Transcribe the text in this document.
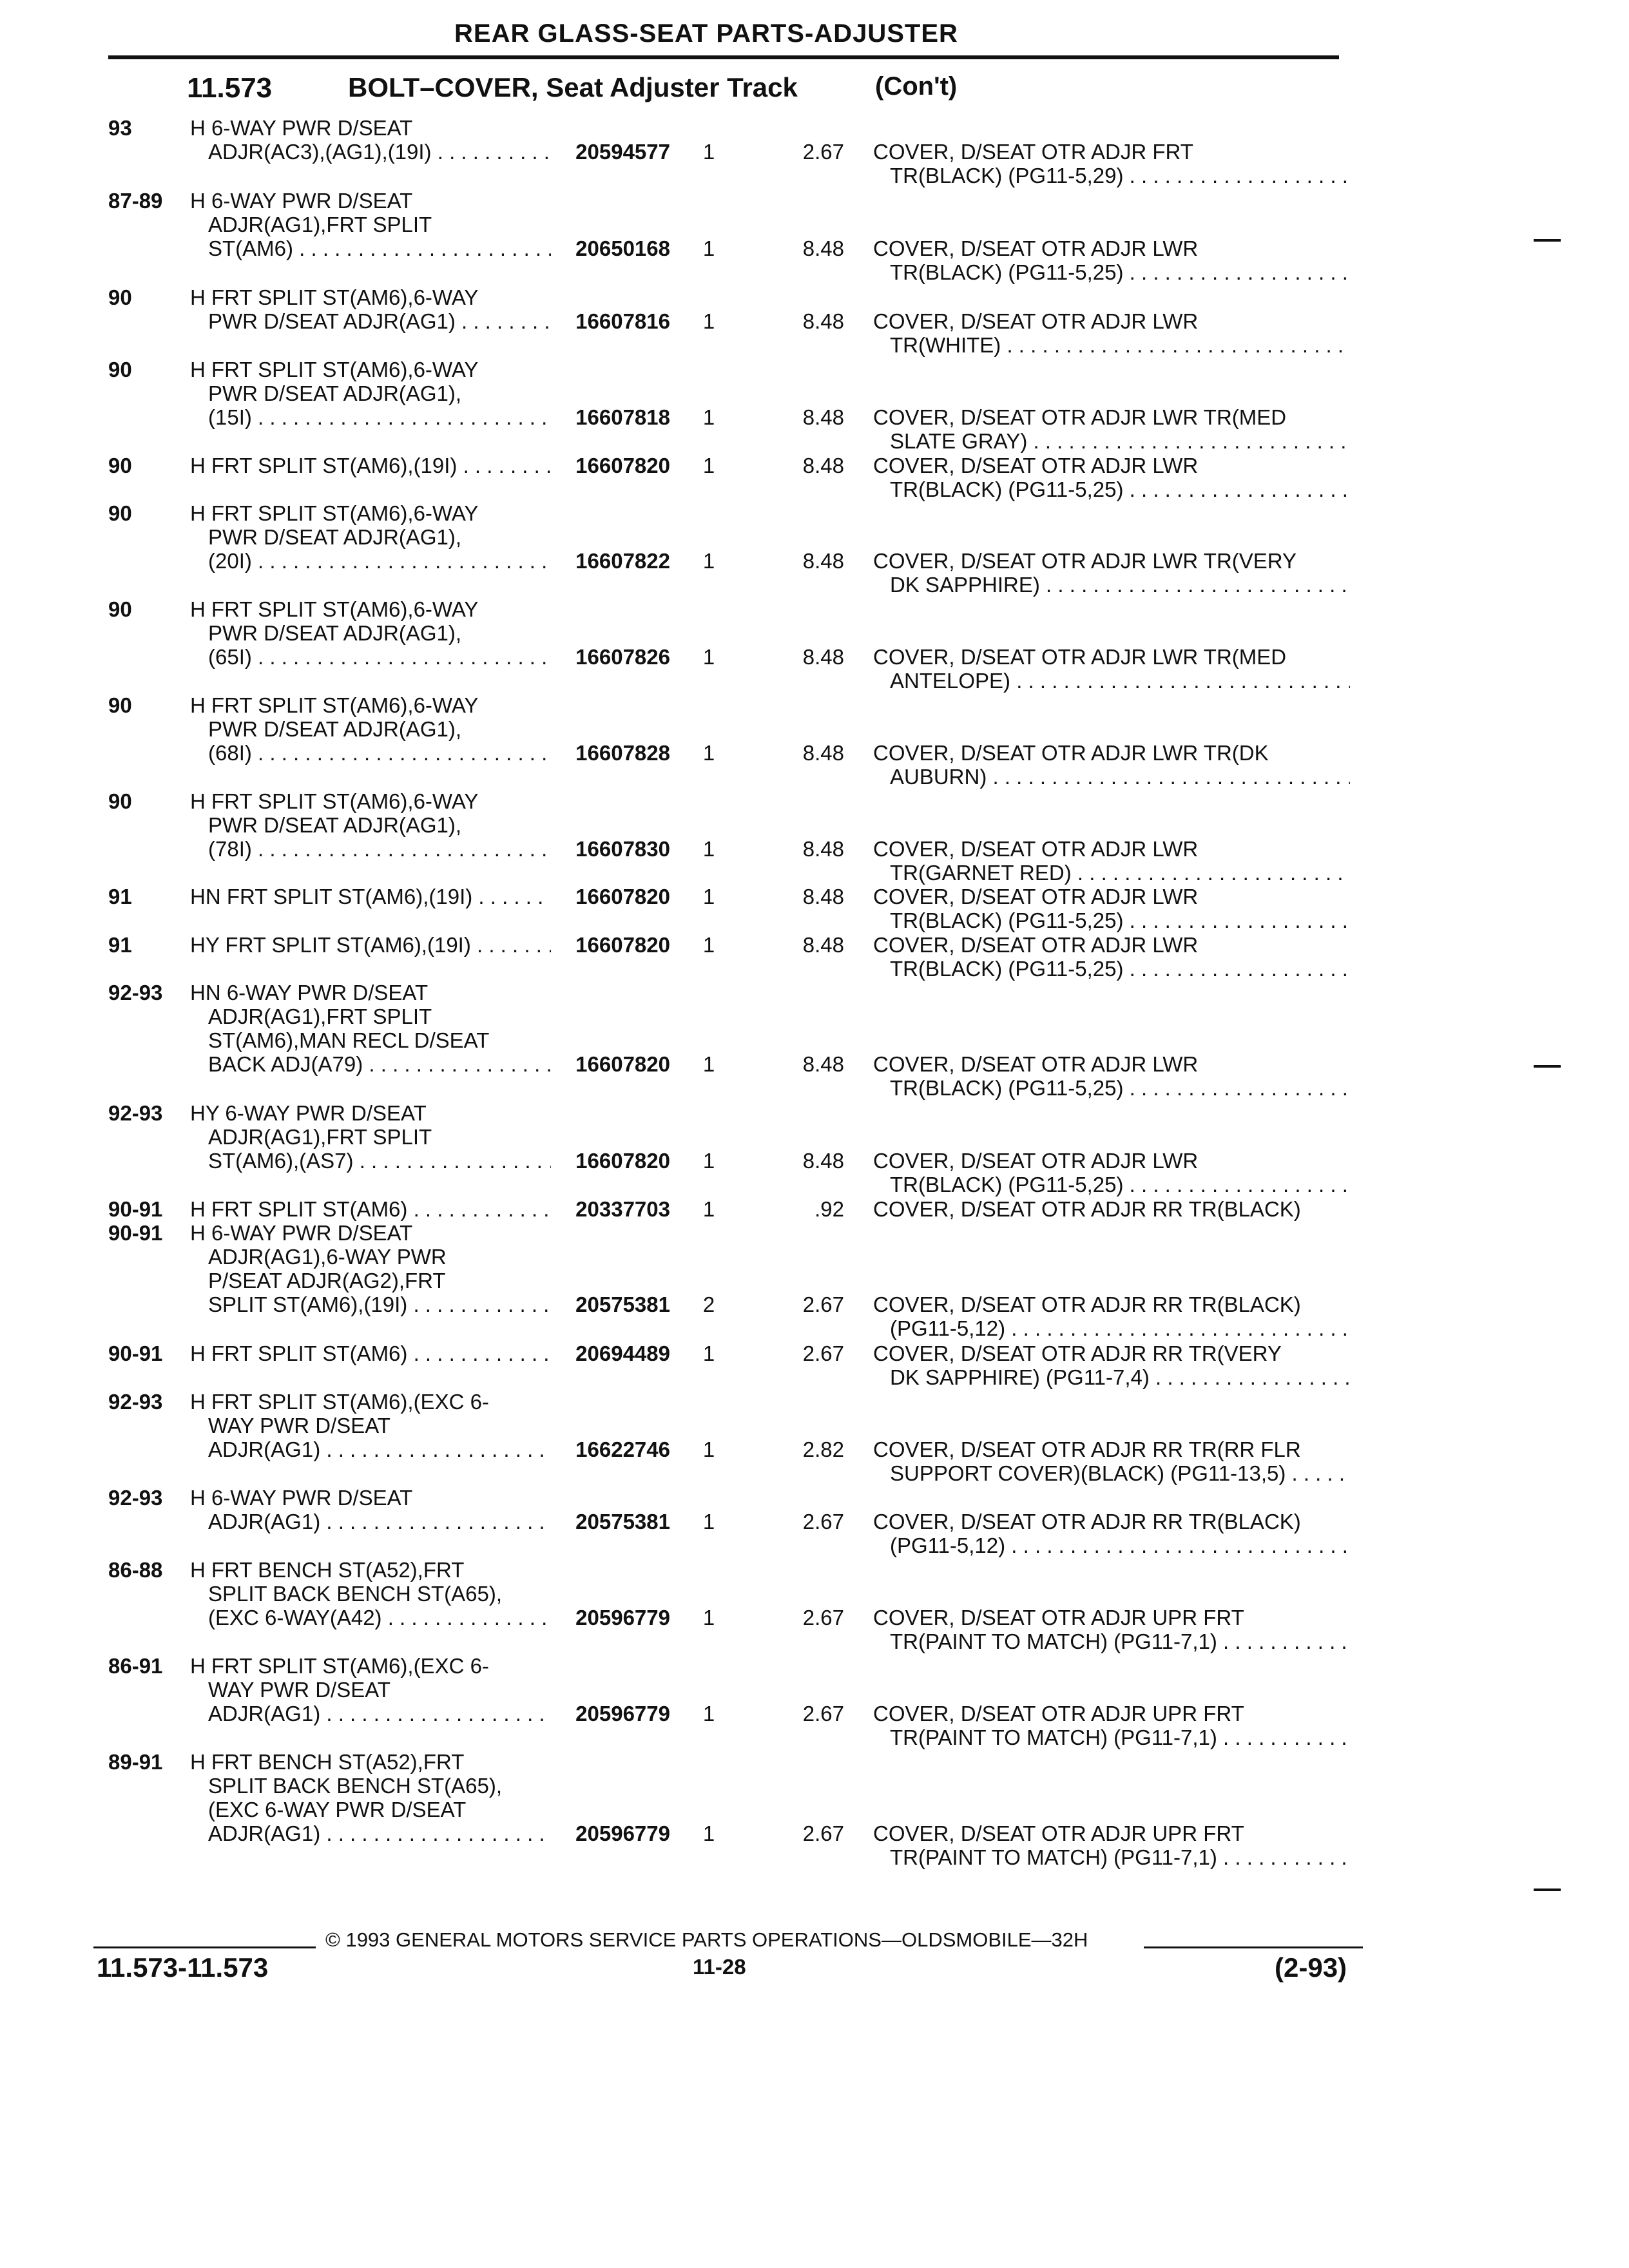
REAR GLASS-SEAT PARTS-ADJUSTER
11.573	BOLT–COVER, Seat Adjuster Track	(Con't)
93	H 6-WAY PWR D/SEAT
ADJR(AC3),(AG1),(19I) . . .	20594577 1	2.67 COVER, D/SEAT OTR ADJR FRT
TR(BLACK) (PG11-5,29) . . .
87-89	H 6-WAY PWR D/SEAT
ADJR(AG1),FRT SPLIT
ST(AM6) . . .	20650168 1	8.48 COVER, D/SEAT OTR ADJR LWR
TR(BLACK) (PG11-5,25) . . .
90	H FRT SPLIT ST(AM6),6-WAY
PWR D/SEAT ADJR(AG1) . . .	16607816 1	8.48 COVER, D/SEAT OTR ADJR LWR
TR(WHITE) . . .
90	H FRT SPLIT ST(AM6),6-WAY
PWR D/SEAT ADJR(AG1),
(15I) . . .	16607818 1	8.48 COVER, D/SEAT OTR ADJR LWR TR(MED
SLATE GRAY) . . .
90	H FRT SPLIT ST(AM6),(19I) . . .	16607820 1	8.48 COVER, D/SEAT OTR ADJR LWR
TR(BLACK) (PG11-5,25) . . .
90	H FRT SPLIT ST(AM6),6-WAY
PWR D/SEAT ADJR(AG1),
(20I) . . .	16607822 1	8.48 COVER, D/SEAT OTR ADJR LWR TR(VERY
DK SAPPHIRE) . . .
90	H FRT SPLIT ST(AM6),6-WAY
PWR D/SEAT ADJR(AG1),
(65I) . . .	16607826 1	8.48 COVER, D/SEAT OTR ADJR LWR TR(MED
ANTELOPE) . . .
90	H FRT SPLIT ST(AM6),6-WAY
PWR D/SEAT ADJR(AG1),
(68I) . . .	16607828 1	8.48 COVER, D/SEAT OTR ADJR LWR TR(DK
AUBURN) . . .
90	H FRT SPLIT ST(AM6),6-WAY
PWR D/SEAT ADJR(AG1),
(78I) . . .	16607830 1	8.48 COVER, D/SEAT OTR ADJR LWR
TR(GARNET RED) . . .
91	HN FRT SPLIT ST(AM6),(19I) . . .	16607820 1	8.48 COVER, D/SEAT OTR ADJR LWR
TR(BLACK) (PG11-5,25) . . .
91	HY FRT SPLIT ST(AM6),(19I) . . .	16607820 1	8.48 COVER, D/SEAT OTR ADJR LWR
TR(BLACK) (PG11-5,25) . . .
92-93	HN 6-WAY PWR D/SEAT
ADJR(AG1),FRT SPLIT
ST(AM6),MAN RECL D/SEAT
BACK ADJ(A79) . . .	16607820 1	8.48 COVER, D/SEAT OTR ADJR LWR
TR(BLACK) (PG11-5,25) . . .
92-93	HY 6-WAY PWR D/SEAT
ADJR(AG1),FRT SPLIT
ST(AM6),(AS7) . . .	16607820 1	8.48 COVER, D/SEAT OTR ADJR LWR
TR(BLACK) (PG11-5,25) . . .
90-91	H FRT SPLIT ST(AM6) . . .	20337703 1	.92 COVER, D/SEAT OTR ADJR RR TR(BLACK)
90-91	H 6-WAY PWR D/SEAT
ADJR(AG1),6-WAY PWR
P/SEAT ADJR(AG2),FRT
SPLIT ST(AM6),(19I) . . .	20575381 2	2.67 COVER, D/SEAT OTR ADJR RR TR(BLACK)
(PG11-5,12) . . .
90-91	H FRT SPLIT ST(AM6) . . .	20694489 1	2.67 COVER, D/SEAT OTR ADJR RR TR(VERY
DK SAPPHIRE) (PG11-7,4) . . .
92-93	H FRT SPLIT ST(AM6),(EXC 6-
WAY PWR D/SEAT
ADJR(AG1) . . .	16622746 1	2.82 COVER, D/SEAT OTR ADJR RR TR(RR FLR
SUPPORT COVER)(BLACK) (PG11-13,5) . . .
92-93	H 6-WAY PWR D/SEAT
ADJR(AG1) . . .	20575381 1	2.67 COVER, D/SEAT OTR ADJR RR TR(BLACK)
(PG11-5,12) . . .
86-88	H FRT BENCH ST(A52),FRT
SPLIT BACK BENCH ST(A65),
(EXC 6-WAY(A42) . . .	20596779 1	2.67 COVER, D/SEAT OTR ADJR UPR FRT
TR(PAINT TO MATCH) (PG11-7,1) . . .
86-91	H FRT SPLIT ST(AM6),(EXC 6-
WAY PWR D/SEAT
ADJR(AG1) . . .	20596779 1	2.67 COVER, D/SEAT OTR ADJR UPR FRT
TR(PAINT TO MATCH) (PG11-7,1) . . .
89-91	H FRT BENCH ST(A52),FRT
SPLIT BACK BENCH ST(A65),
(EXC 6-WAY PWR D/SEAT
ADJR(AG1) . . .	20596779 1	2.67 COVER, D/SEAT OTR ADJR UPR FRT
TR(PAINT TO MATCH) (PG11-7,1) . . .
© 1993 GENERAL MOTORS SERVICE PARTS OPERATIONS—OLDSMOBILE—32H
11.573-11.573	11-28	(2-93)
